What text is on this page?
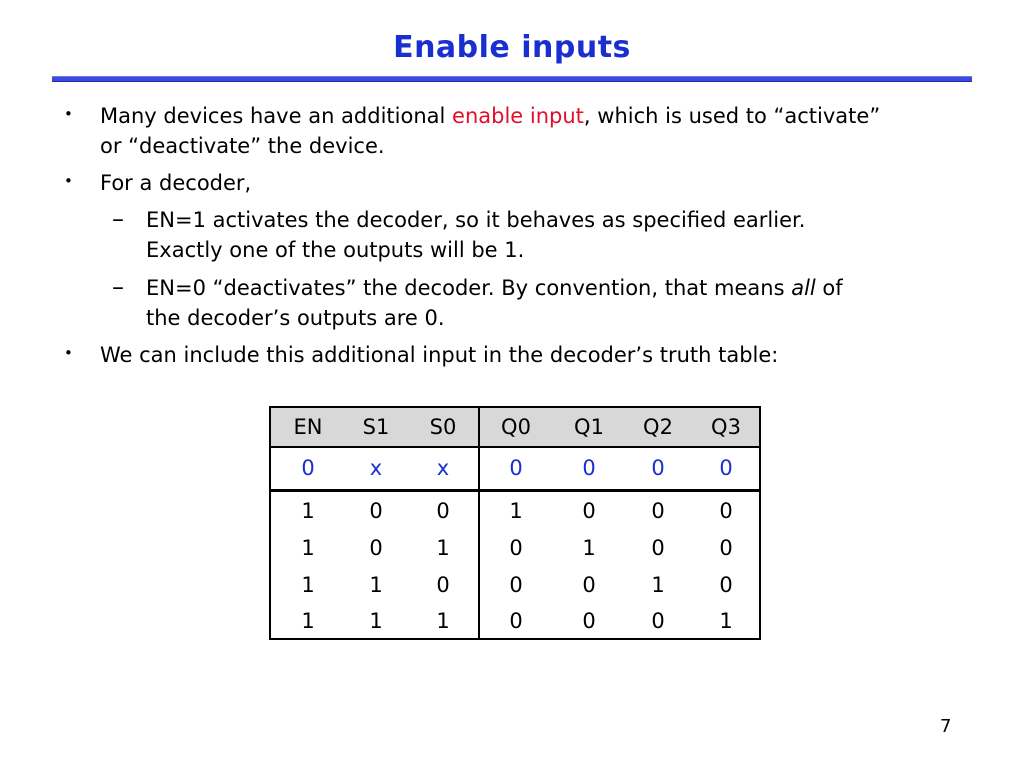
Enable inputs
• Many devices have an additional enable input, which is used to “activate”
or “deactivate” the device.
• For a decoder,
– EN=1 activates the decoder, so it behaves as specified earlier.
Exactly one of the outputs will be 1.
– EN=0 “deactivates” the decoder. By convention, that means all of
the decoder’s outputs are 0.
• We can include this additional input in the decoder’s truth table:
EN	S1	S0	Q0	Q1	Q2	Q3
0	x	x	0	0	0	0
1	0	0	1	0	0	0
1	0	1	0	1	0	0
1	1	0	0	0	1	0
1	1	1	0	0	0	1
7
